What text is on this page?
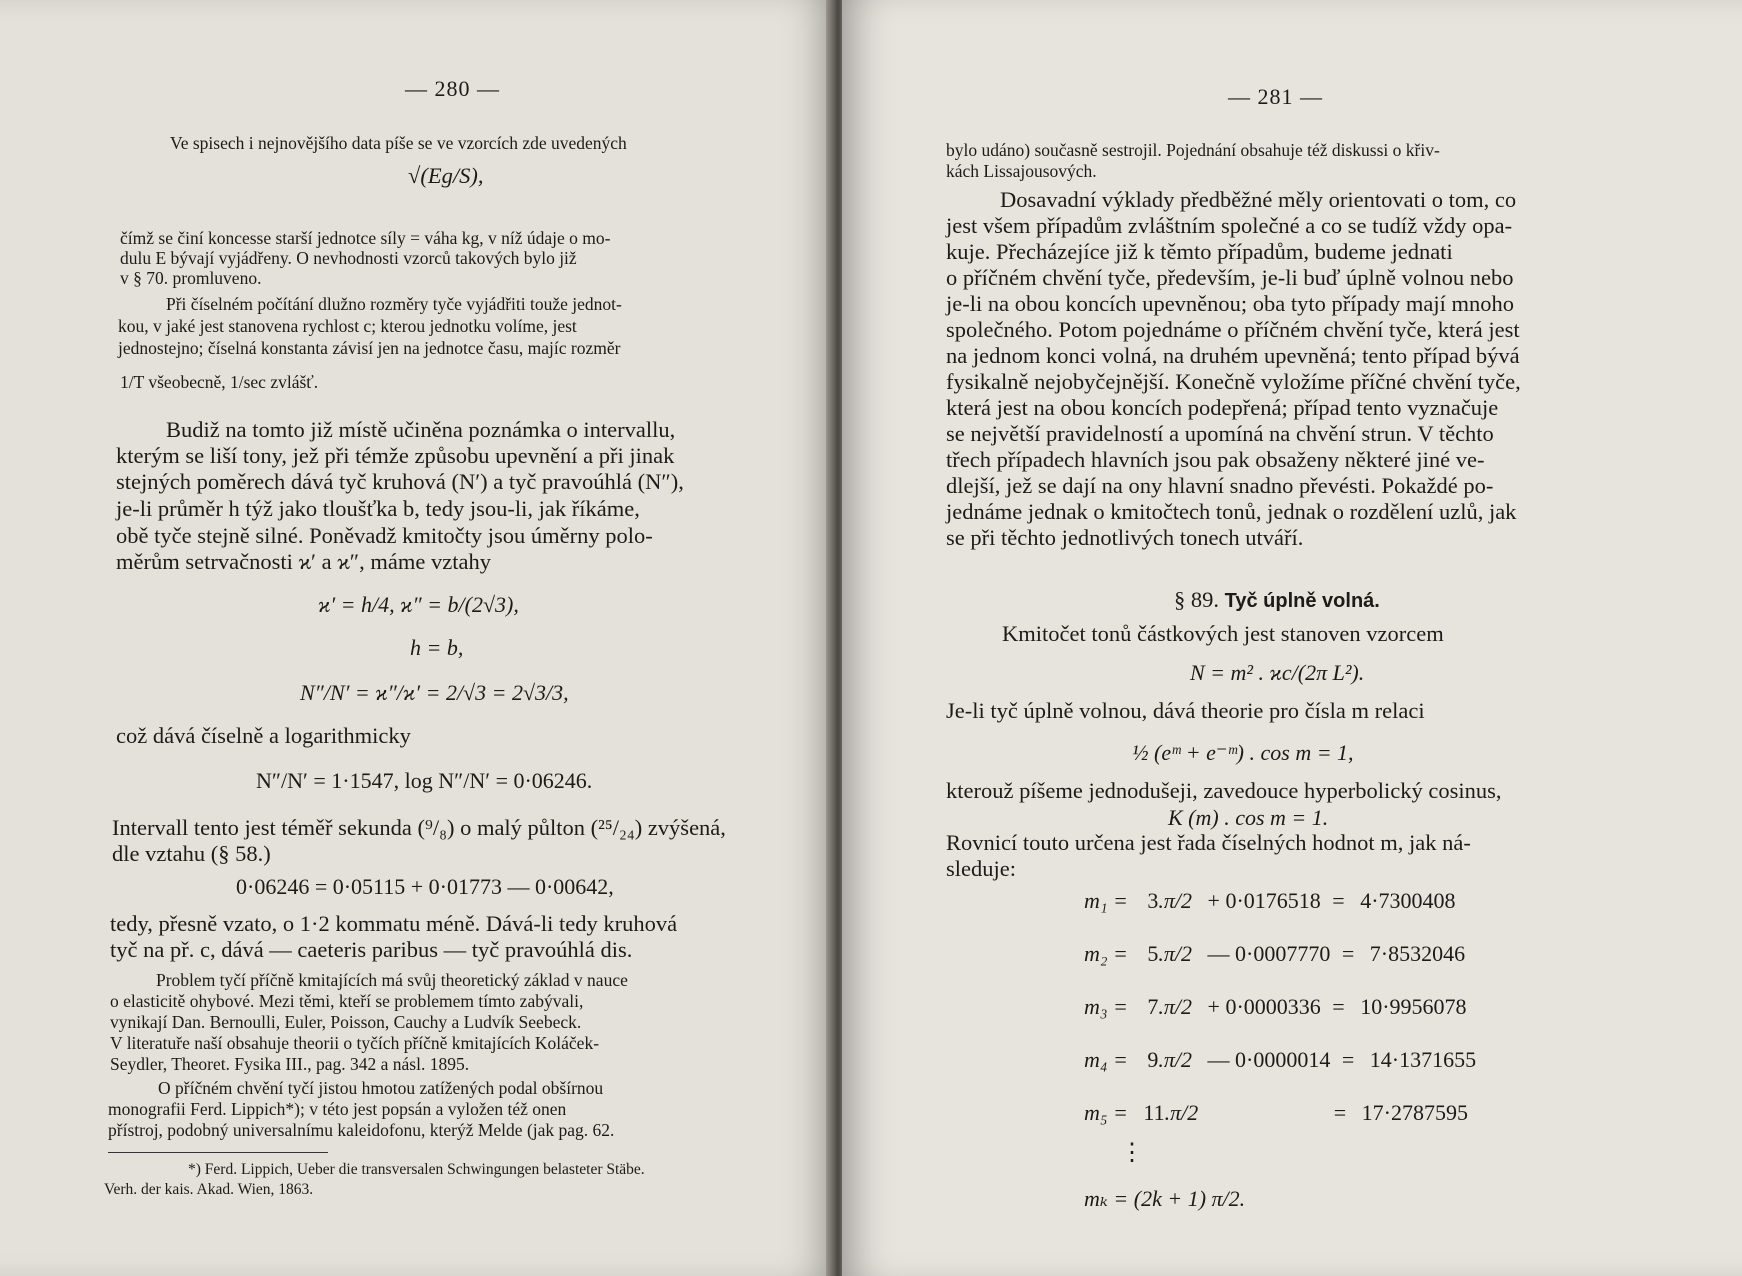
— 280 —
Ve spisech i nejnovějšího data píše se ve vzorcích zde uvedených
√(Eg/S),
čímž se činí koncesse starší jednotce síly = váha kg, v níž údaje o mo-
dulu E bývají vyjádřeny. O nevhodnosti vzorců takových bylo již
v § 70. promluveno.
Při číselném počítání dlužno rozměry tyče vyjádřiti touže jednot-
kou, v jaké jest stanovena rychlost c; kterou jednotku volíme, jest
jednostejno; číselná konstanta závisí jen na jednotce času, majíc rozměr
1/T všeobecně, 1/sec zvlášť.
Budiž na tomto již místě učiněna poznámka o intervallu,
kterým se liší tony, jež při témže způsobu upevnění a při jinak
stejných poměrech dává tyč kruhová (N′) a tyč pravoúhlá (N″),
je-li průměr h týž jako tloušťka b, tedy jsou-li, jak říkáme,
obě tyče stejně silné. Poněvadž kmitočty jsou úměrny polo-
měrům setrvačnosti ϰ′ a ϰ″, máme vztahy
ϰ′ = h/4, ϰ″ = b/(2√3),
h = b,
N″/N′ = ϰ″/ϰ′ = 2/√3 = 2√3/3,
což dává číselně a logarithmicky
N″/N′ = 1·1547, log N″/N′ = 0·06246.
Intervall tento jest téměř sekunda (⁹/₈) o malý půlton (²⁵/₂₄) zvýšená,
dle vztahu (§ 58.)
0·06246 = 0·05115 + 0·01773 — 0·00642,
tedy, přesně vzato, o 1·2 kommatu méně. Dává-li tedy kruhová
tyč na př. c, dává — caeteris paribus — tyč pravoúhlá dis.
Problem tyčí příčně kmitajících má svůj theoretický základ v nauce
o elasticitě ohybové. Mezi těmi, kteří se problemem tímto zabývali,
vynikají Dan. Bernoulli, Euler, Poisson, Cauchy a Ludvík Seebeck.
V literatuře naší obsahuje theorii o tyčích příčně kmitajících Koláček-
Seydler, Theoret. Fysika III., pag. 342 a násl. 1895.
O příčném chvění tyčí jistou hmotou zatížených podal obšírnou
monografii Ferd. Lippich*); v této jest popsán a vyložen též onen
přístroj, podobný universalnímu kaleidofonu, kterýž Melde (jak pag. 62.
*) Ferd. Lippich, Ueber die transversalen Schwingungen belasteter Stäbe.
Verh. der kais. Akad. Wien, 1863.
— 281 —
bylo udáno) současně sestrojil. Pojednání obsahuje též diskussi o křiv-
kách Lissajousových.
Dosavadní výklady předběžné měly orientovati o tom, co
jest všem případům zvláštním společné a co se tudíž vždy opa-
kuje. Přecházejíce již k těmto případům, budeme jednati
o příčném chvění tyče, především, je-li buď úplně volnou nebo
je-li na obou koncích upevněnou; oba tyto případy mají mnoho
společného. Potom pojednáme o příčném chvění tyče, která jest
na jednom konci volná, na druhém upevněná; tento případ bývá
fysikalně nejobyčejnější. Konečně vyložíme příčné chvění tyče,
která jest na obou koncích podepřená; případ tento vyznačuje
se největší pravidelností a upomíná na chvění strun. V těchto
třech případech hlavních jsou pak obsaženy některé jiné ve-
dlejší, jež se dají na ony hlavní snadno převésti. Pokaždé po-
jednáme jednak o kmitočtech tonů, jednak o rozdělení uzlů, jak
se při těchto jednotlivých tonech utváří.
§ 89. Tyč úplně volná.
Kmitočet tonů částkových jest stanoven vzorcem
N = m² . ϰc/(2π L²).
Je-li tyč úplně volnou, dává theorie pro čísla m relaci
½ (eᵐ + e⁻ᵐ) . cos m = 1,
kterouž píšeme jednodušeji, zavedouce hyperbolický cosinus,
K (m) . cos m = 1.
Rovnicí touto určena jest řada číselných hodnot m, jak ná-
sleduje:
m₁ = 3.π/2 + 0·0176518 = 4·7300408
m₂ = 5.π/2 — 0·0007770 = 7·8532046
m₃ = 7.π/2 + 0·0000336 = 10·9956078
m₄ = 9.π/2 — 0·0000014 = 14·1371655
m₅ = 11.π/2	= 17·2787595
⋮
mₖ = (2k + 1) π/2.
